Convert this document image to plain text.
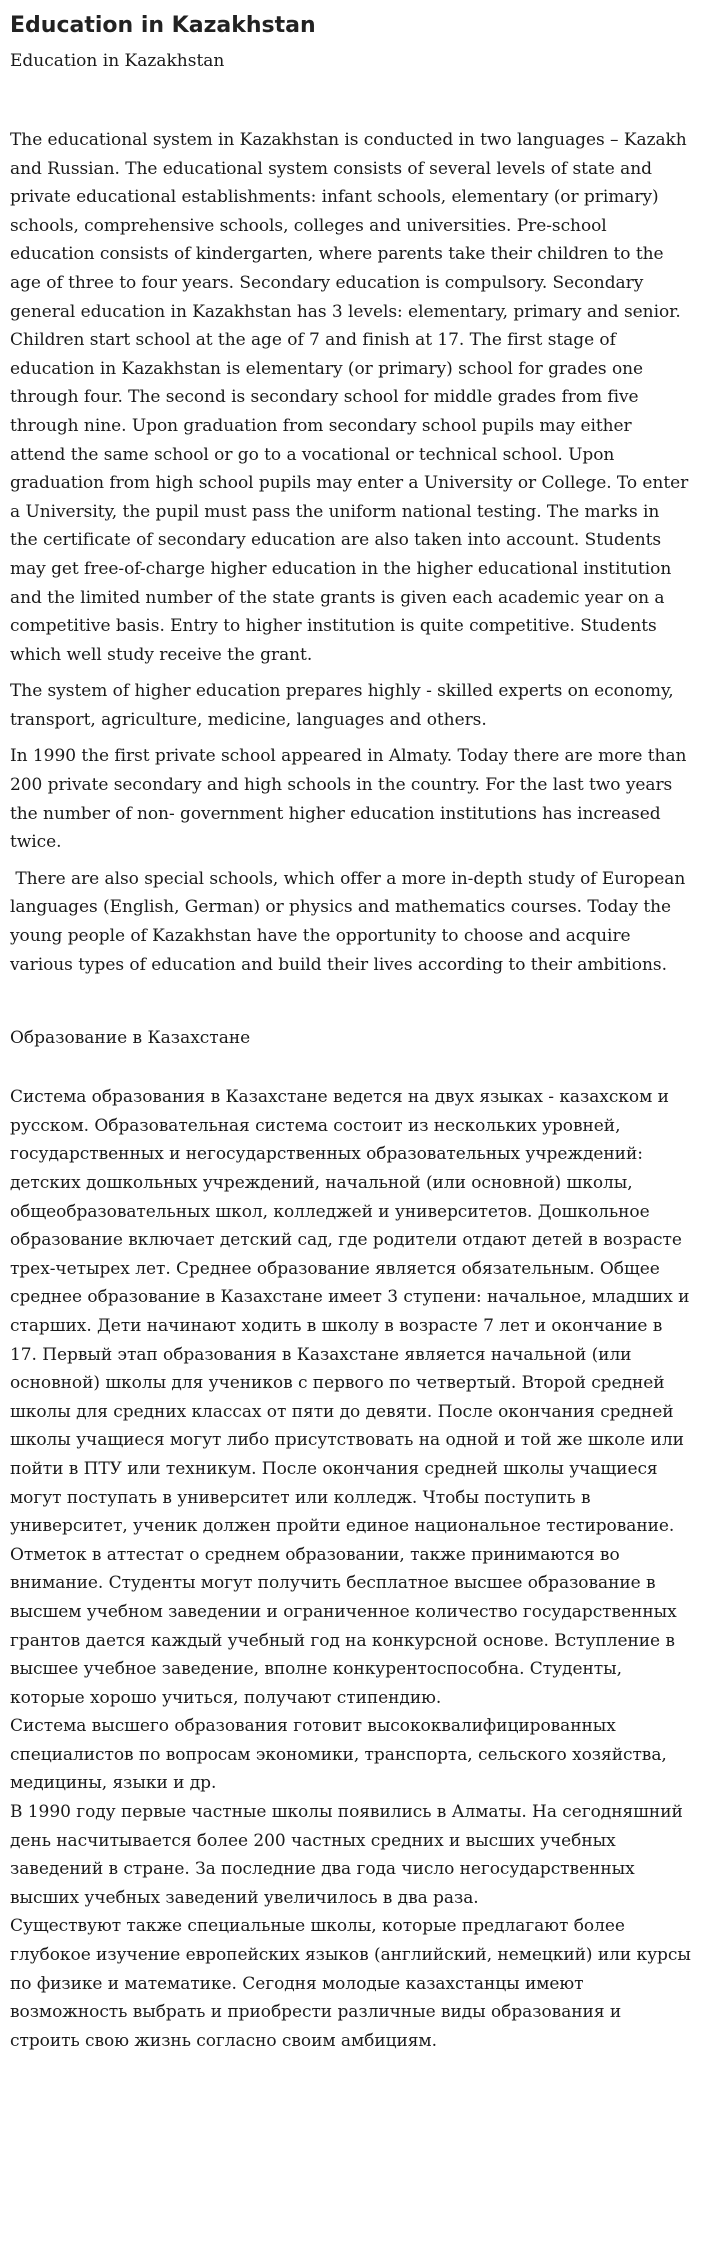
Education in Kazakhstan
Education in Kazakhstan

The educational system in Kazakhstan is conducted in two languages – Kazakh and Russian. The educational system consists of several levels of state and private educational establishments: infant schools, elementary (or primary) schools, comprehensive schools, colleges and universities. Pre-school education consists of kindergarten, where parents take their children to the age of three to four years. Secondary education is compulsory. Secondary general education in Kazakhstan has 3 levels: elementary, primary and senior. Children start school at the age of 7 and finish at 17. The first stage of education in Kazakhstan is elementary (or primary) school for grades one through four. The second is secondary school for middle grades from five through nine. Upon graduation from secondary school pupils may either attend the same school or go to a vocational or technical school. Upon graduation from high school pupils may enter a University or College. To enter a University, the pupil must pass the uniform national testing. The marks in the certificate of secondary education are also taken into account. Students may get free-of-charge higher education in the higher educational institution and the limited number of the state grants is given each academic year on a competitive basis. Entry to higher institution is quite competitive. Students which well study receive the grant.

The system of higher education prepares highly - skilled experts on economy, transport, agriculture, medicine, languages and others.

In 1990 the first private school appeared in Almaty. Today there are more than 200 private secondary and high schools in the country. For the last two years the number of non- government higher education institutions has increased twice.

There are also special schools, which offer a more in-depth study of European languages (English, German) or physics and mathematics courses. Today the young people of Kazakhstan have the opportunity to choose and acquire various types of education and build their lives according to their ambitions.

Образование в Казахстане

Система образования в Казахстане ведется на двух языках - казахском и русском. Образовательная система состоит из нескольких уровней, государственных и негосударственных образовательных учреждений: детских дошкольных учреждений, начальной (или основной) школы, общеобразовательных школ, колледжей и университетов. Дошкольное образование включает детский сад, где родители отдают детей в возрасте трех-четырех лет. Среднее образование является обязательным. Общее среднее образование в Казахстане имеет 3 ступени: начальное, младших и старших. Дети начинают ходить в школу в возрасте 7 лет и окончание в 17. Первый этап образования в Казахстане является начальной (или основной) школы для учеников с первого по четвертый. Второй средней школы для средних классах от пяти до девяти. После окончания средней школы учащиеся могут либо присутствовать на одной и той же школе или пойти в ПТУ или техникум. После окончания средней школы учащиеся могут поступать в университет или колледж. Чтобы поступить в университет, ученик должен пройти единое национальное тестирование. Отметок в аттестат о среднем образовании, также принимаются во внимание. Студенты могут получить бесплатное высшее образование в высшем учебном заведении и ограниченное количество государственных грантов дается каждый учебный год на конкурсной основе. Вступление в высшее учебное заведение, вполне конкурентоспособна. Студенты, которые хорошо учиться, получают стипендию.

Система высшего образования готовит высококвалифицированных специалистов по вопросам экономики, транспорта, сельского хозяйства, медицины, языки и др.

В 1990 году первые частные школы появились в Алматы. На сегодняшний день насчитывается более 200 частных средних и высших учебных заведений в стране. За последние два года число негосударственных высших учебных заведений увеличилось в два раза.

Существуют также специальные школы, которые предлагают более глубокое изучение европейских языков (английский, немецкий) или курсы по физике и математике. Сегодня молодые казахстанцы имеют возможность выбрать и приобрести различные виды образования и строить свою жизнь согласно своим амбициям.
